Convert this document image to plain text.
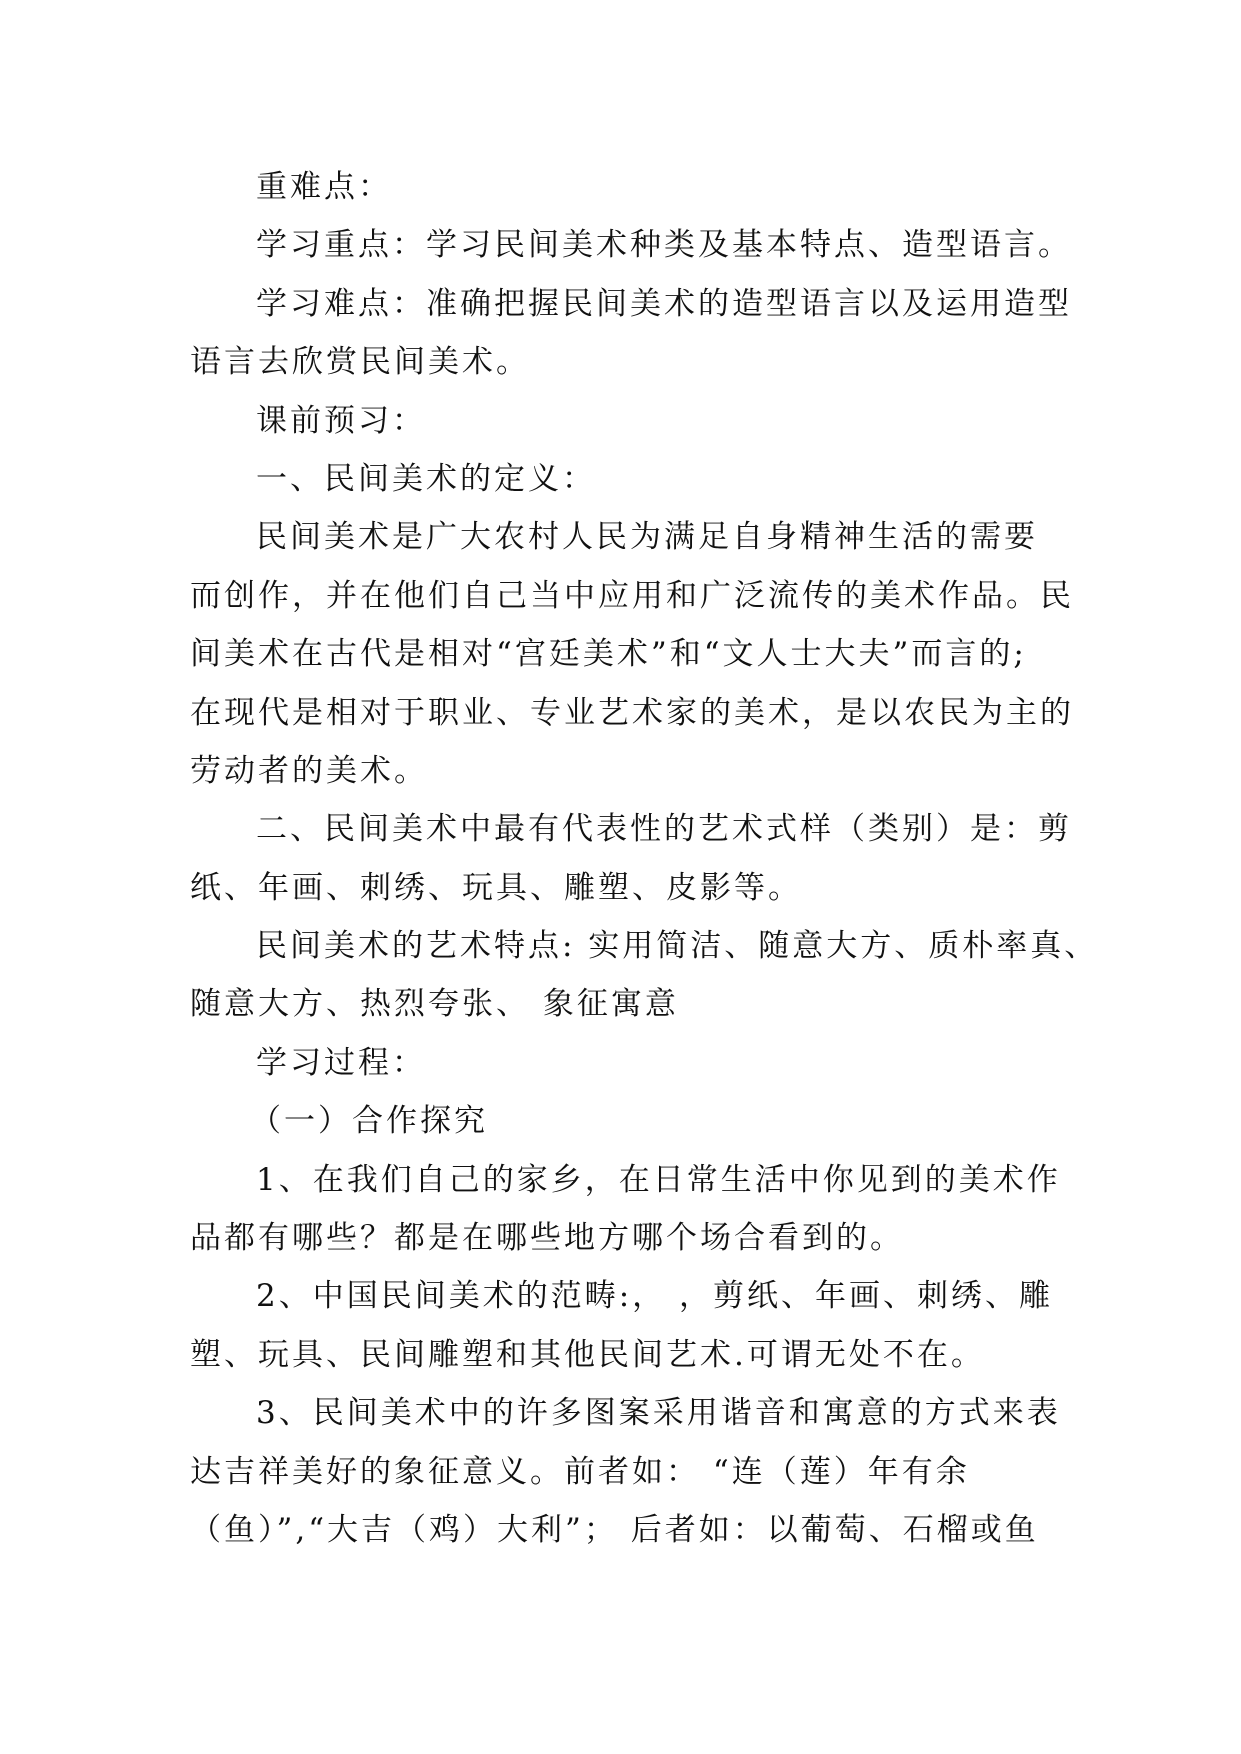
重难点：
学习重点：学习民间美术种类及基本特点、造型语言。
学习难点：准确把握民间美术的造型语言以及运用造型
语言去欣赏民间美术。
课前预习：
一、民间美术的定义：
民间美术是广大农村人民为满足自身精神生活的需要
而创作，并在他们自己当中应用和广泛流传的美术作品。民
间美术在古代是相对“宫廷美术”和“文人士大夫”而言的;
在现代是相对于职业、专业艺术家的美术，是以农民为主的
劳动者的美术。
二、民间美术中最有代表性的艺术式样（类别）是：剪
纸、年画、刺绣、玩具、雕塑、皮影等。
民间美术的艺术特点: 实用简洁、随意大方、质朴率真、
随意大方、热烈夸张、 象征寓意
学习过程：
（一）合作探究
1、在我们自己的家乡，在日常生活中你见到的美术作
品都有哪些？都是在哪些地方哪个场合看到的。
2、中国民间美术的范畴:， ，剪纸、年画、刺绣、雕
塑、玩具、民间雕塑和其他民间艺术.可谓无处不在。
3、民间美术中的许多图案采用谐音和寓意的方式来表
达吉祥美好的象征意义。前者如： “连（莲）年有余
（鱼）”,“大吉（鸡）大利”； 后者如：以葡萄、石榴或鱼
